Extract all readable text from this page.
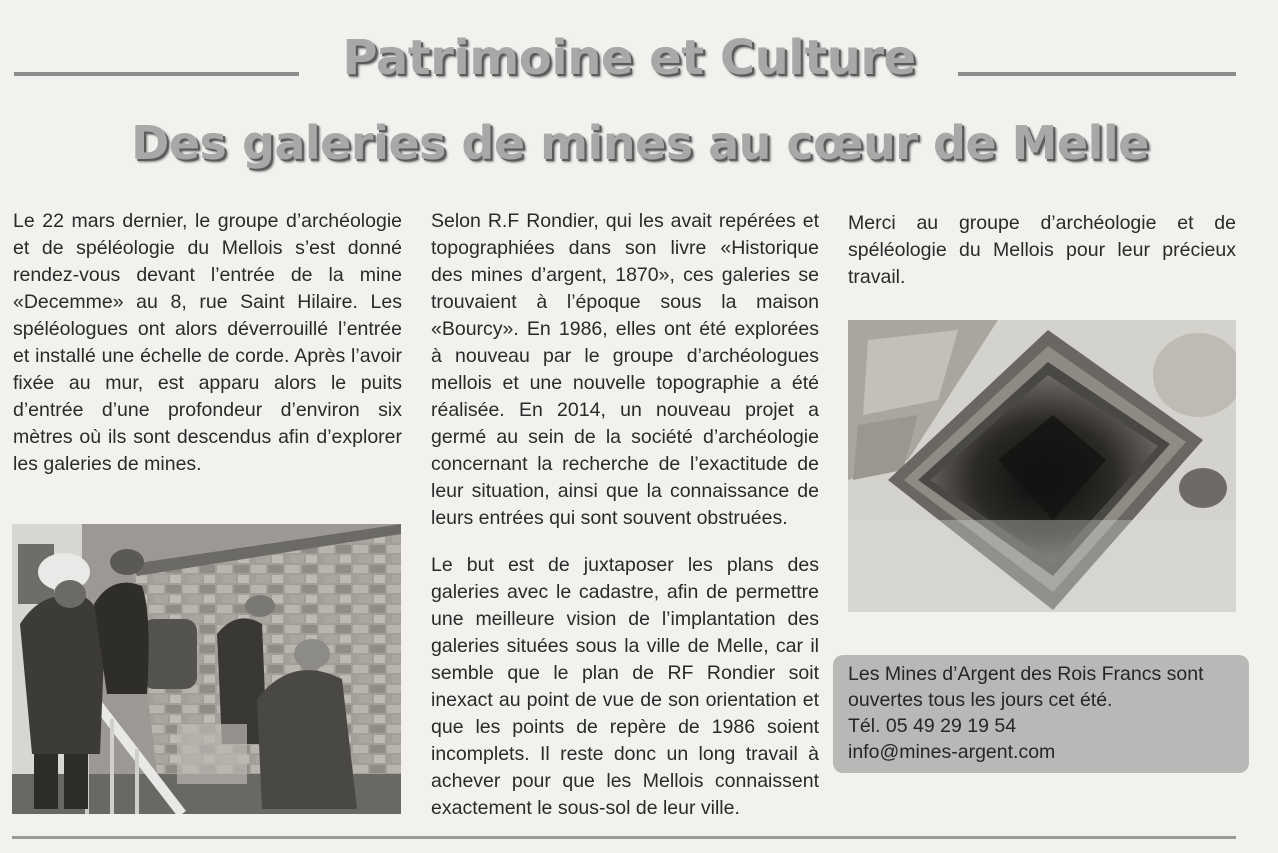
Patrimoine et Culture
Des galeries de mines au cœur de Melle

Le 22 mars dernier, le groupe d’archéologie et de spéléologie du Mellois s’est donné rendez-vous devant l’entrée de la mine «Decemme» au 8, rue Saint Hilaire. Les spéléologues ont alors déverrouillé l’entrée et installé une échelle de corde. Après l’avoir fixée au mur, est apparu alors le puits d’entrée d’une profondeur d’environ six mètres où ils sont descendus afin d’explorer les galeries de mines.

Selon R.F Rondier, qui les avait repérées et topographiées dans son livre «Historique des mines d’argent, 1870», ces galeries se trouvaient à l’époque sous la maison «Bourcy». En 1986, elles ont été explorées à nouveau par le groupe d’archéologues mellois et une nouvelle topographie a été réalisée. En 2014, un nouveau projet a germé au sein de la société d’archéologie concernant la recherche de l’exactitude de leur situation, ainsi que la connaissance de leurs entrées qui sont souvent obstruées.

Le but est de juxtaposer les plans des galeries avec le cadastre, afin de permettre une meilleure vision de l’implantation des galeries situées sous la ville de Melle, car il semble que le plan de RF Rondier soit inexact au point de vue de son orientation et que les points de repère de 1986 soient incomplets. Il reste donc un long travail à achever pour que les Mellois connaissent exactement le sous-sol de leur ville.

Merci au groupe d’archéologie et de spéléologie du Mellois pour leur précieux travail.

Les Mines d’Argent des Rois Francs sont
ouvertes tous les jours cet été.
Tél. 05 49 29 19 54
info@mines-argent.com
